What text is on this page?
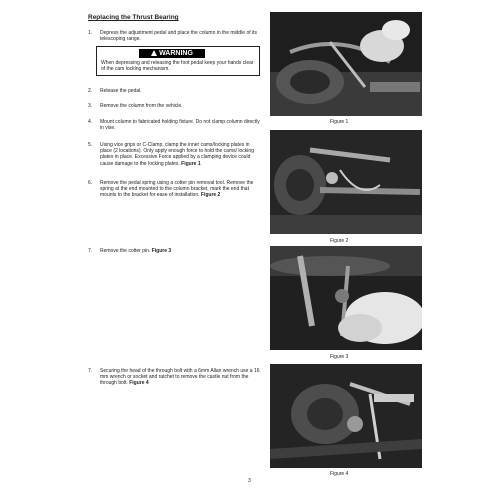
Replacing the Thrust Bearing
1. Depress the adjustment pedal and place the column in the middle of its telescoping range.
WARNING
When depressing and releasing the foot pedal keep your hands clear of the cam locking mechanism.
2. Release the pedal.
3. Remove the column from the vehicle.
4. Mount column to fabricated holding fixture. Do not clamp column directly in vise.
5. Using vice grips or C-Clamp, clamp the inner cams/locking plates in place (2 locations). Only apply enough force to hold the cams/ locking plates in place. Excessive Force applied by a clamping device could cause damage to the locking plates. Figure 1
6. Remove the pedal spring using a cotter pin removal tool. Remove the spring at the end mounted to the column bracket, mark the end that mounts to the bracket for ease of installation. Figure 2
7. Remove the cotter pin. Figure 3
7. Securing the head of the through bolt with a 6mm Allan wrench use a 16 mm wrench or socket and ratchet to remove the castle nut from the through bolt. Figure 4
Figure 1
Figure 2
Figure 3
Figure 4
3
